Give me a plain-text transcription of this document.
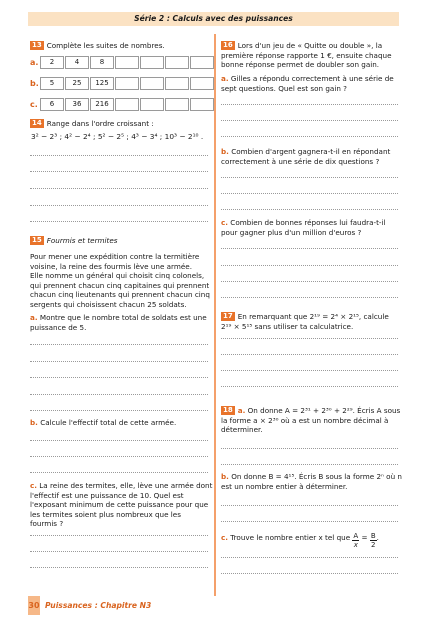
Série 2 : Calculs avec des puissances
13 Complète les suites de nombres.
a.	2	4	8
b.	5	25	125
c.	6	36	216
14 Range dans l'ordre croissant :
3² − 2³ ; 4² − 2⁴ ; 5² − 2⁵ ; 4³ − 3⁴ ; 10³ − 2¹⁰ .
15 Fourmis et termites
Pour mener une expédition contre la termitière
voisine, la reine des fourmis lève une armée.
Elle nomme un général qui choisit cinq colonels,
qui prennent chacun cinq capitaines qui prennent
chacun cinq lieutenants qui prennent chacun cinq
sergents qui choisissent chacun 25 soldats.
a. Montre que le nombre total de soldats est une
puissance de 5.
b. Calcule l'effectif total de cette armée.
c. La reine des termites, elle, lève une armée dont
l'effectif est une puissance de 10. Quel est
l'exposant minimum de cette puissance pour que
les termites soient plus nombreux que les
fourmis ?
16 Lors d'un jeu de « Quitte ou double », la
première réponse rapporte 1 €, ensuite chaque
bonne réponse permet de doubler son gain.
a. Gilles a répondu correctement à une série de
sept questions. Quel est son gain ?
b. Combien d'argent gagnera-t-il en répondant
correctement à une série de dix questions ?
c. Combien de bonnes réponses lui faudra-t-il
pour gagner plus d'un million d'euros ?
17 En remarquant que 2¹⁹ = 2⁴ × 2¹⁵, calcule
2¹⁹ × 5¹⁵ sans utiliser ta calculatrice.
18 a. On donne A = 2³¹ + 2³⁰ + 2²⁹. Écris A sous
la forme a × 2³⁰ où a est un nombre décimal à
déterminer.
b. On donne B = 4¹⁵. Écris B sous la forme 2ⁿ où n
est un nombre entier à déterminer.
c. Trouve le nombre entier x tel que $\frac{A}{x} = \frac{B}{2}$.
30 Puissances : Chapitre N3
